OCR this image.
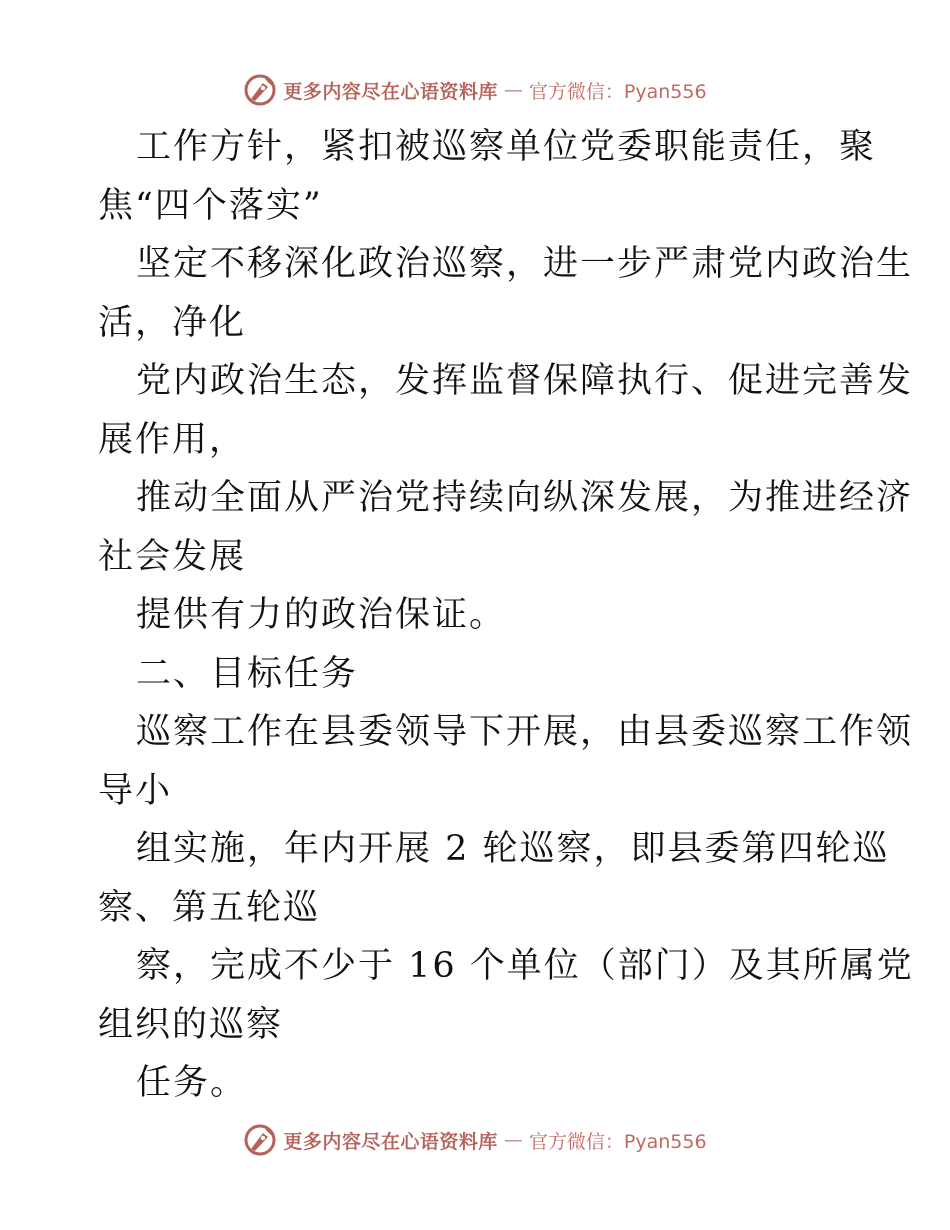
更多内容尽在心语资料库 — 官方微信：Pyan556
工作方针，紧扣被巡察单位党委职能责任，聚
焦“四个落实”
坚定不移深化政治巡察，进一步严肃党内政治生
活，净化
党内政治生态，发挥监督保障执行、促进完善发
展作用，
推动全面从严治党持续向纵深发展，为推进经济
社会发展
提供有力的政治保证。
二、目标任务
巡察工作在县委领导下开展，由县委巡察工作领
导小
组实施，年内开展 2 轮巡察，即县委第四轮巡
察、第五轮巡
察，完成不少于 16 个单位（部门）及其所属党
组织的巡察
任务。
更多内容尽在心语资料库 — 官方微信：Pyan556
